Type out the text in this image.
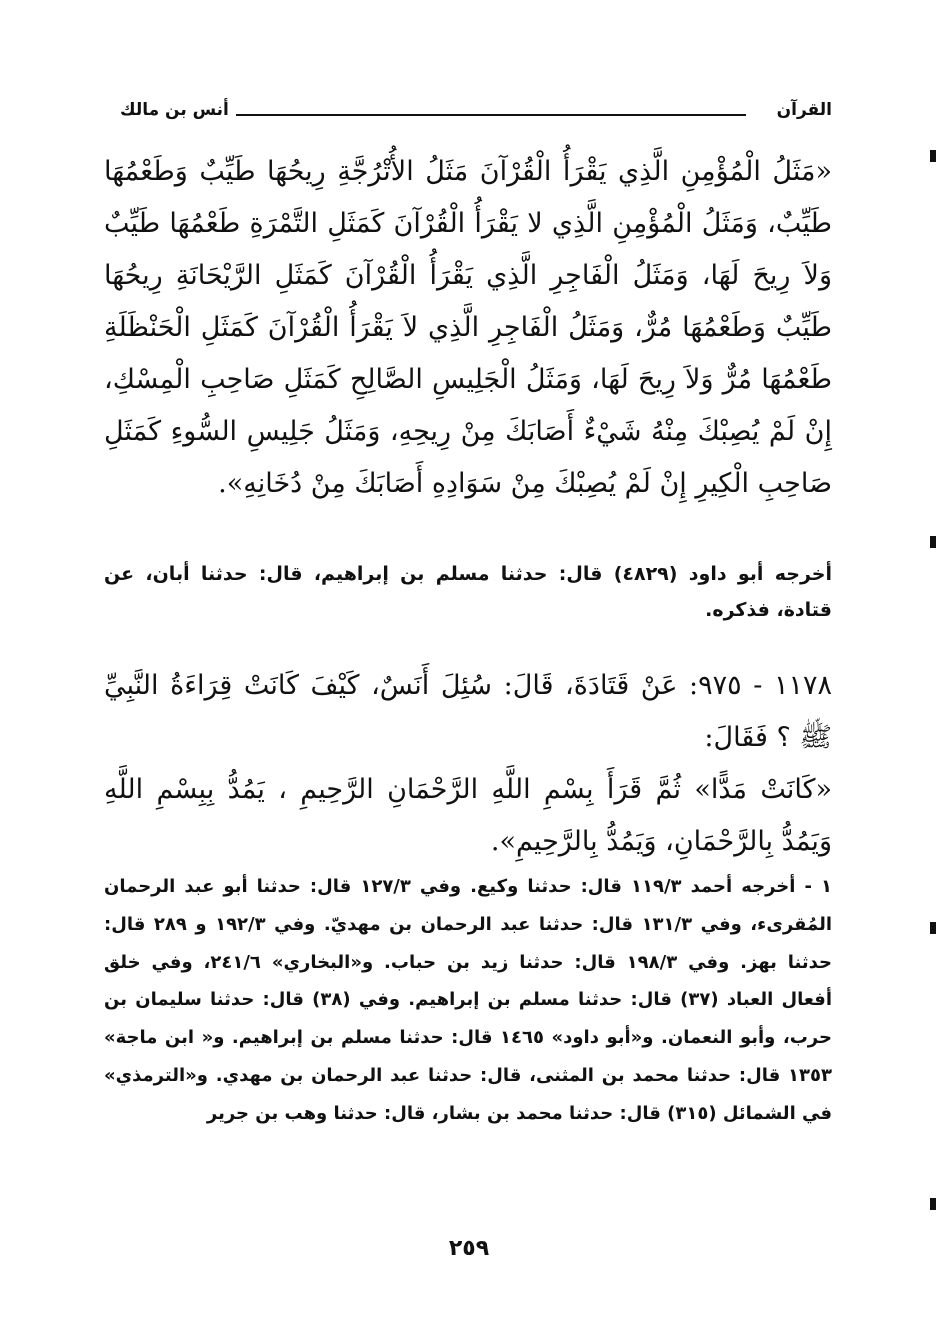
القرآن
أنس بن مالك

«مَثَلُ الْمُؤْمِنِ الَّذِي يَقْرَأُ الْقُرْآنَ مَثَلُ الأُتْرُجَّةِ رِيحُهَا طَيِّبٌ وَطَعْمُهَا طَيِّبٌ، وَمَثَلُ الْمُؤْمِنِ الَّذِي لا يَقْرَأُ الْقُرْآنَ كَمَثَلِ التَّمْرَةِ طَعْمُهَا طَيِّبٌ وَلاَ رِيحَ لَهَا، وَمَثَلُ الْفَاجِرِ الَّذِي يَقْرَأُ الْقُرْآنَ كَمَثَلِ الرَّيْحَانَةِ رِيحُهَا طَيِّبٌ وَطَعْمُهَا مُرٌّ، وَمَثَلُ الْفَاجِرِ الَّذِي لاَ يَقْرَأُ الْقُرْآنَ كَمَثَلِ الْحَنْظَلَةِ طَعْمُهَا مُرٌّ وَلاَ رِيحَ لَهَا، وَمَثَلُ الْجَلِيسِ الصَّالِحِ كَمَثَلِ صَاحِبِ الْمِسْكِ، إِنْ لَمْ يُصِبْكَ مِنْهُ شَيْءٌ أَصَابَكَ مِنْ رِيحِهِ، وَمَثَلُ جَلِيسِ السُّوءِ كَمَثَلِ صَاحِبِ الْكِيرِ إِنْ لَمْ يُصِبْكَ مِنْ سَوَادِهِ أَصَابَكَ مِنْ دُخَانِهِ».

أخرجه أبو داود (٤٨٢٩) قال: حدثنا مسلم بن إبراهيم، قال: حدثنا أبان، عن قتادة، فذكره.

١١٧٨ - ٩٧٥: عَنْ قَتَادَةَ، قَالَ: سُئِلَ أَنَسٌ، كَيْفَ كَانَتْ قِرَاءَةُ النَّبِيِّ ﷺ ؟ فَقَالَ:

«كَانَتْ مَدًّا» ثُمَّ قَرَأَ بِسْمِ اللَّهِ الرَّحْمَانِ الرَّحِيمِ ، يَمُدُّ بِبِسْمِ اللَّهِ وَيَمُدُّ بِالرَّحْمَانِ، وَيَمُدُّ بِالرَّحِيمِ».

١ - أخرجه أحمد ١١٩/٣ قال: حدثنا وكيع. وفي ١٢٧/٣ قال: حدثنا أبو عبد الرحمان المُقرىء، وفي ١٣١/٣ قال: حدثنا عبد الرحمان بن مهديّ. وفي ١٩٢/٣ و ٢٨٩ قال: حدثنا بهز. وفي ١٩٨/٣ قال: حدثنا زيد بن حباب. و«البخاري» ٢٤١/٦، وفي خلق أفعال العباد (٣٧) قال: حدثنا مسلم بن إبراهيم. وفي (٣٨) قال: حدثنا سليمان بن حرب، وأبو النعمان. و«أبو داود» ١٤٦٥ قال: حدثنا مسلم بن إبراهيم. و« ابن ماجة» ١٣٥٣ قال: حدثنا محمد بن المثنى، قال: حدثنا عبد الرحمان بن مهدي. و«الترمذي» في الشمائل (٣١٥) قال: حدثنا محمد بن بشار، قال: حدثنا وهب بن جرير

٢٥٩
